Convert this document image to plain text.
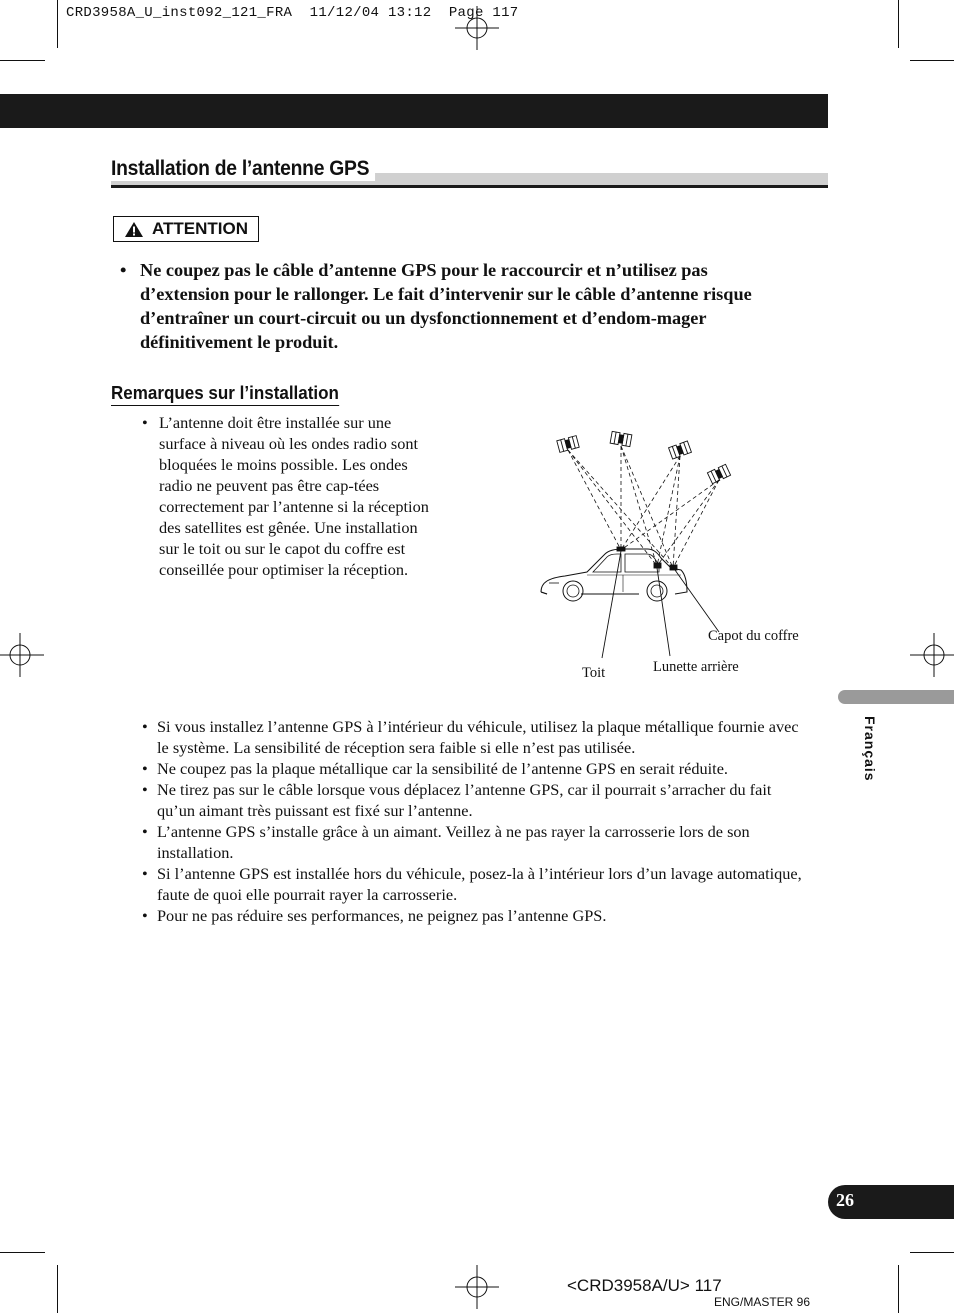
CRD3958A_U_inst092_121_FRA  11/12/04 13:12  Page 117
Installation de l’antenne GPS
ATTENTION
• Ne coupez pas le câble d’antenne GPS pour le raccourcir et n’utilisez pas d’extension pour le rallonger. Le fait d’intervenir sur le câble d’antenne risque d’entraîner un court-circuit ou un dysfonctionnement et d’endom-mager définitivement le produit.

Remarques sur l’installation
• L’antenne doit être installée sur une surface à niveau où les ondes radio sont bloquées le moins possible. Les ondes radio ne peuvent pas être cap-tées correctement par l’antenne si la réception des satellites est gênée. Une installation sur le toit ou sur le capot du coffre est conseillée pour optimiser la réception.
Capot du coffre
Lunette arrière
Toit
• Si vous installez l’antenne GPS à l’intérieur du véhicule, utilisez la plaque métallique fournie avec le système. La sensibilité de réception sera faible si elle n’est pas utilisée.
• Ne coupez pas la plaque métallique car la sensibilité de l’antenne GPS en serait réduite.
• Ne tirez pas sur le câble lorsque vous déplacez l’antenne GPS, car il pourrait s’arracher du fait qu’un aimant très puissant est fixé sur l’antenne.
• L’antenne GPS s’installe grâce à un aimant. Veillez à ne pas rayer la carrosserie lors de son installation.
• Si l’antenne GPS est installée hors du véhicule, posez-la à l’intérieur lors d’un lavage automatique, faute de quoi elle pourrait rayer la carrosserie.
• Pour ne pas réduire ses performances, ne peignez pas l’antenne GPS.
Français
26
<CRD3958A/U> 117
ENG/MASTER 96
